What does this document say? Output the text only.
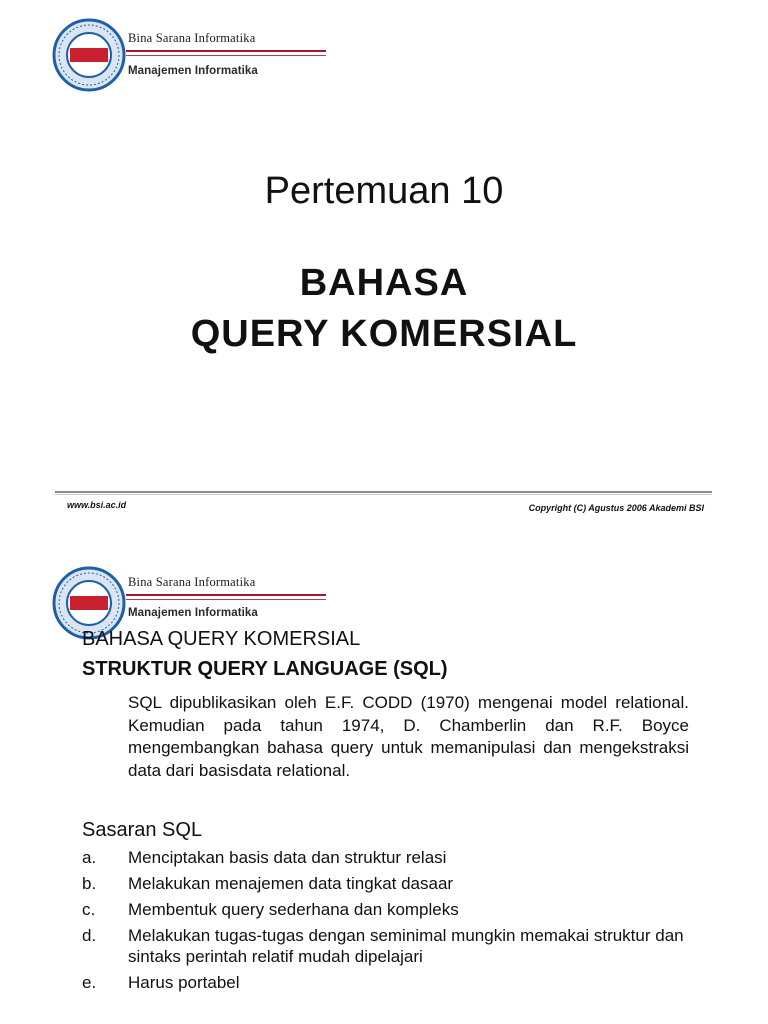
Bina Sarana Informatika
Manajemen Informatika
Pertemuan 10
BAHASA
QUERY KOMERSIAL
www.bsi.ac.id	Copyright (C) Agustus 2006 Akademi BSI
Bina Sarana Informatika
Manajemen Informatika
BAHASA QUERY KOMERSIAL
STRUKTUR QUERY LANGUAGE (SQL)
SQL dipublikasikan oleh E.F. CODD (1970) mengenai model relational. Kemudian pada tahun 1974, D. Chamberlin dan R.F. Boyce mengembangkan bahasa query untuk memanipulasi dan mengekstraksi data dari basisdata relational.
Sasaran SQL
a.	Menciptakan basis data dan struktur relasi
b.	Melakukan menajemen data tingkat dasaar
c.	Membentuk query sederhana dan kompleks
d.	Melakukan tugas-tugas dengan seminimal mungkin memakai struktur dan sintaks perintah relatif mudah dipelajari
e.	Harus portabel
